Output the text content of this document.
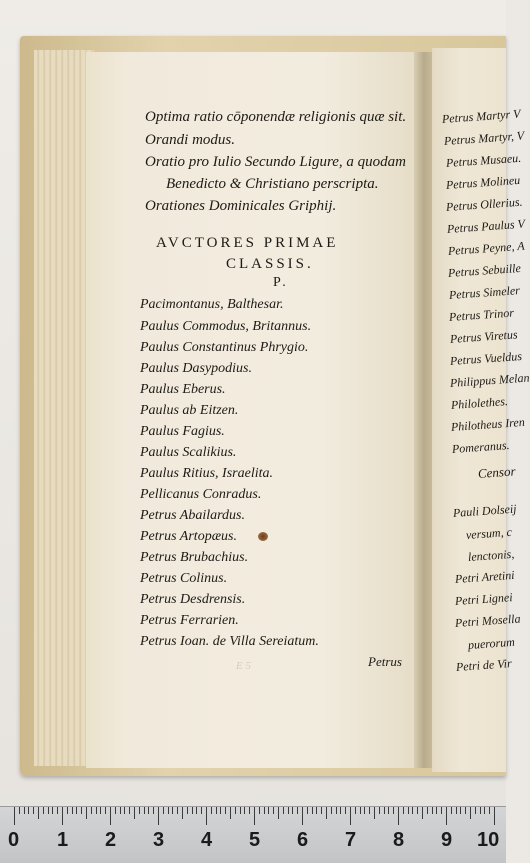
Optima ratio cōponendæ religionis quæ sit.
Orandi modus.
Oratio pro Iulio Secundo Ligure, a quodam
Benedicto & Christiano perscripta.
Orationes Dominicales Griphij.
AVCTORES PRIMAE
CLASSIS.
P.
Pacimontanus, Balthesar.
Paulus Commodus, Britannus.
Paulus Constantinus Phrygio.
Paulus Dasypodius.
Paulus Eberus.
Paulus ab Eitzen.
Paulus Fagius.
Paulus Scalikius.
Paulus Ritius, Israelita.
Pellicanus Conradus.
Petrus Abailardus.
Petrus Artopæus.
Petrus Brubachius.
Petrus Colinus.
Petrus Desdrensis.
Petrus Ferrarien.
Petrus Ioan. de Villa Sereiatum.
Petrus
E 5
Petrus Martyr V
Petrus Martyr, V
Petrus Musaeu.
Petrus Molineu
Petrus Ollerius.
Petrus Paulus V
Petrus Peyne, A
Petrus Sebuille
Petrus Simeler
Petrus Trinor
Petrus Viretus
Petrus Vueldus
Philippus Melan
Philolethes.
Philotheus Iren
Pomeranus.
Censor
Pauli Dolseij
versum, c
lenctonis,
Petri Aretini
Petri Lignei
Petri Mosella
puerorum
Petri de Vir
0 1 2 3 4 5 6 7 8 9 10
